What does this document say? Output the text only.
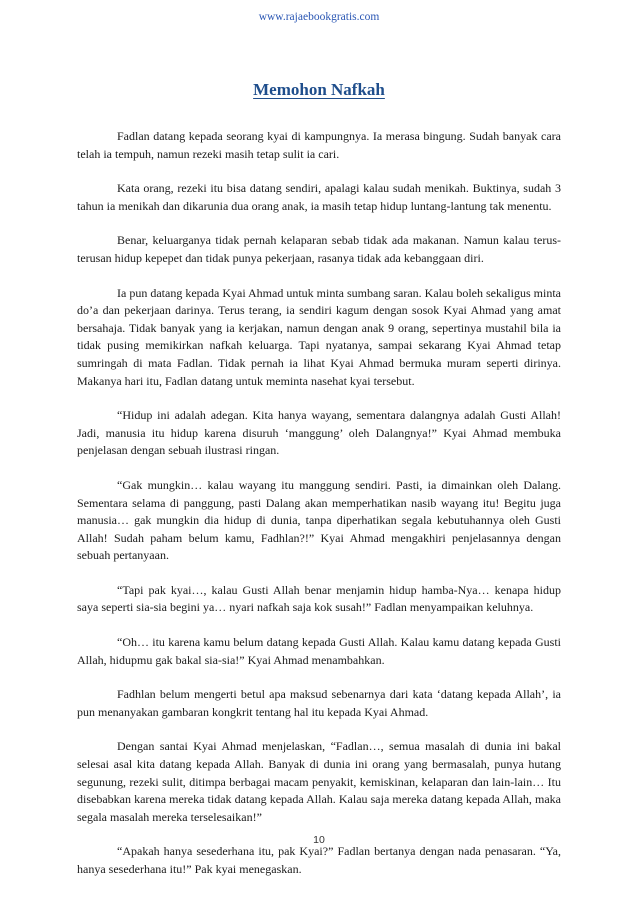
www.rajaebookgratis.com
Memohon Nafkah

Fadlan datang kepada seorang kyai di kampungnya. Ia merasa bingung. Sudah banyak cara telah ia tempuh, namun rezeki masih tetap sulit ia cari.

Kata orang, rezeki itu bisa datang sendiri, apalagi kalau sudah menikah. Buktinya, sudah 3 tahun ia menikah dan dikarunia dua orang anak, ia masih tetap hidup luntang-lantung tak menentu.

Benar, keluarganya tidak pernah kelaparan sebab tidak ada makanan. Namun kalau terus-terusan hidup kepepet dan tidak punya pekerjaan, rasanya tidak ada kebanggaan diri.

Ia pun datang kepada Kyai Ahmad untuk minta sumbang saran. Kalau boleh sekaligus minta do’a dan pekerjaan darinya. Terus terang, ia sendiri kagum dengan sosok Kyai Ahmad yang amat bersahaja. Tidak banyak yang ia kerjakan, namun dengan anak 9 orang, sepertinya mustahil bila ia tidak pusing memikirkan nafkah keluarga. Tapi nyatanya, sampai sekarang Kyai Ahmad tetap sumringah di mata Fadlan. Tidak pernah ia lihat Kyai Ahmad bermuka muram seperti dirinya. Makanya hari itu, Fadlan datang untuk meminta nasehat kyai tersebut.

“Hidup ini adalah adegan. Kita hanya wayang, sementara dalangnya adalah Gusti Allah! Jadi, manusia itu hidup karena disuruh ‘manggung’ oleh Dalangnya!” Kyai Ahmad membuka penjelasan dengan sebuah ilustrasi ringan.

“Gak mungkin… kalau wayang itu manggung sendiri. Pasti, ia dimainkan oleh Dalang. Sementara selama di panggung, pasti Dalang akan memperhatikan nasib wayang itu! Begitu juga manusia… gak mungkin dia hidup di dunia, tanpa diperhatikan segala kebutuhannya oleh Gusti Allah! Sudah paham belum kamu, Fadhlan?!” Kyai Ahmad mengakhiri penjelasannya dengan sebuah pertanyaan.

“Tapi pak kyai…, kalau Gusti Allah benar menjamin hidup hamba-Nya… kenapa hidup saya seperti sia-sia begini ya… nyari nafkah saja kok susah!” Fadlan menyampaikan keluhnya.

“Oh… itu karena kamu belum datang kepada Gusti Allah. Kalau kamu datang kepada Gusti Allah, hidupmu gak bakal sia-sia!” Kyai Ahmad menambahkan.

Fadhlan belum mengerti betul apa maksud sebenarnya dari kata ‘datang kepada Allah’, ia pun menanyakan gambaran kongkrit tentang hal itu kepada Kyai Ahmad.

Dengan santai Kyai Ahmad menjelaskan, “Fadlan…, semua masalah di dunia ini bakal selesai asal kita datang kepada Allah. Banyak di dunia ini orang yang bermasalah, punya hutang segunung, rezeki sulit, ditimpa berbagai macam penyakit, kemiskinan, kelaparan dan lain-lain… Itu disebabkan karena mereka tidak datang kepada Allah. Kalau saja mereka datang kepada Allah, maka segala masalah mereka terselesaikan!”

“Apakah hanya sesederhana itu, pak Kyai?” Fadlan bertanya dengan nada penasaran. “Ya, hanya sesederhana itu!” Pak kyai menegaskan.

10
